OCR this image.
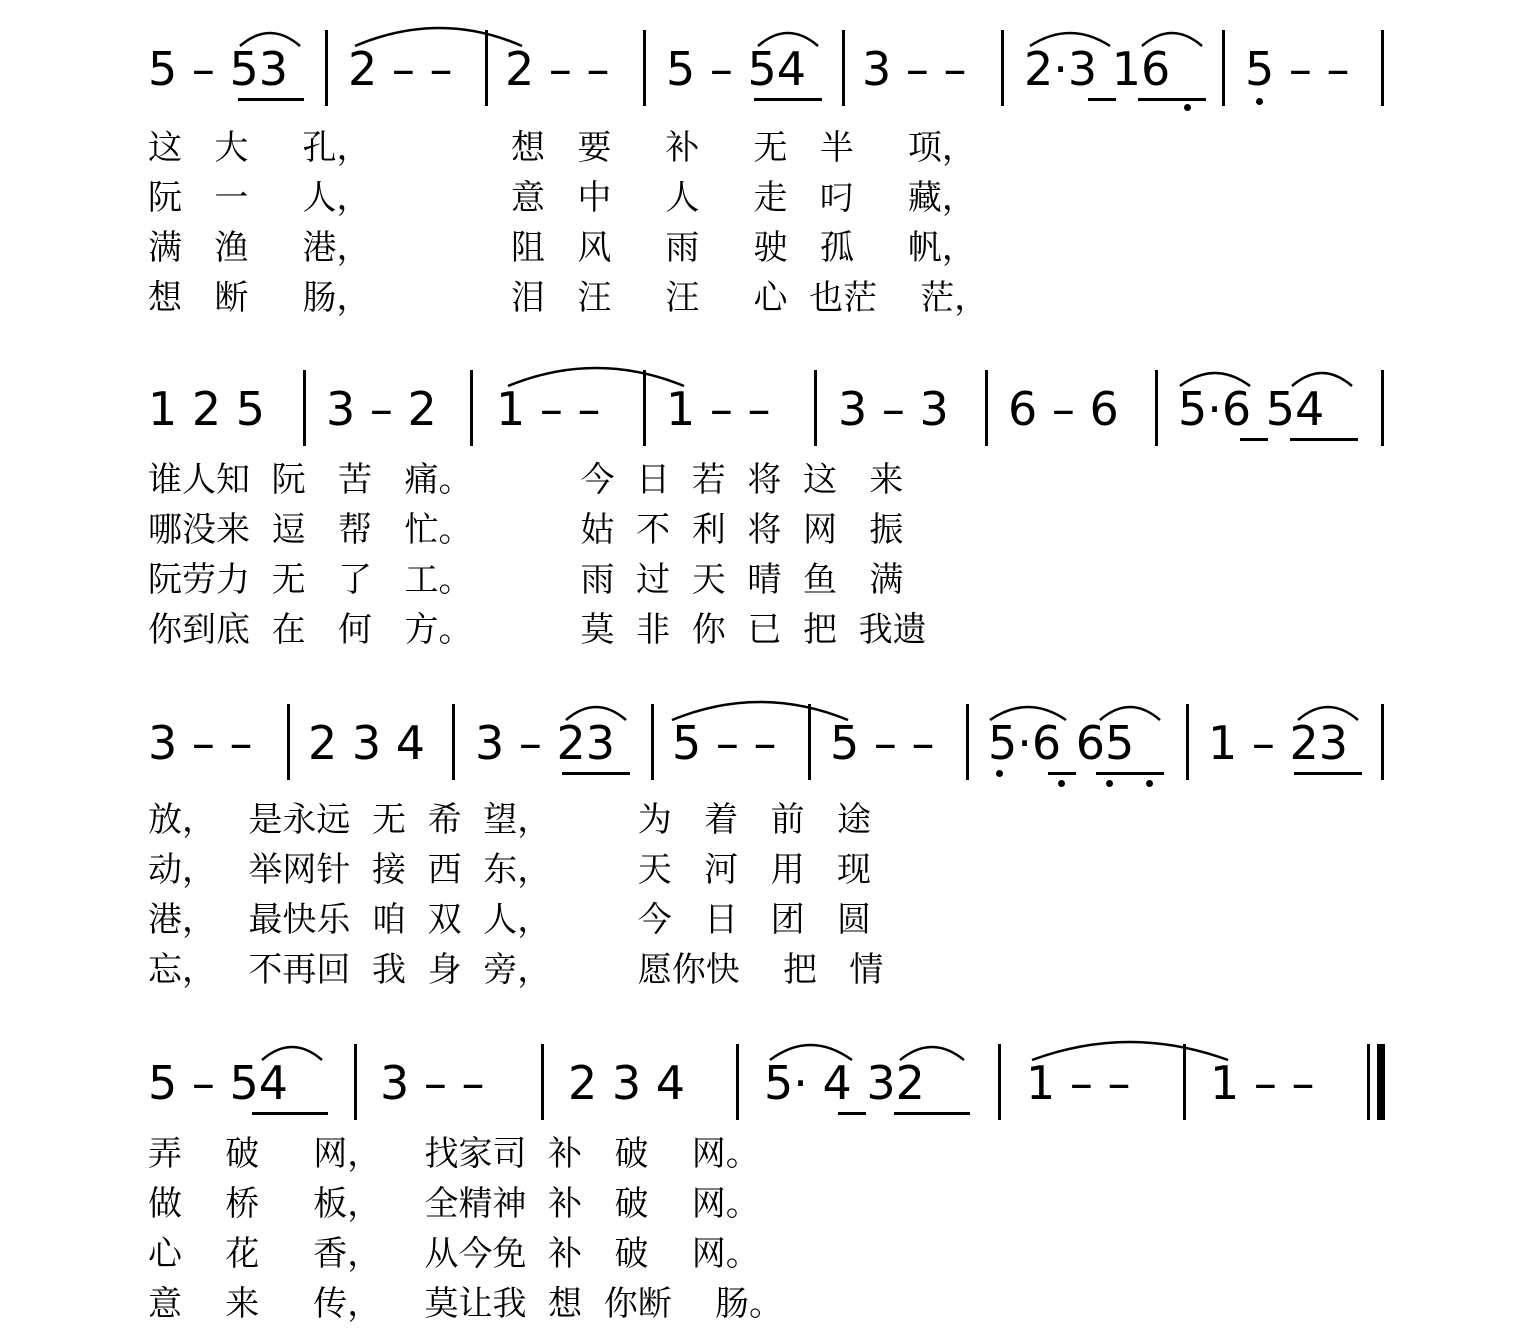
5 – 53 2 – – 2 – – 5 – 54 3 – – 2·3 16 5 – –
这   大     孔，             想   要     补     无   半     项，
阮   一     人，             意   中     人     走   叼     藏，
满   渔     港，             阻   风     雨     驶   孤     帆，
想   断     肠，             泪   汪     汪     心  也茫    茫，
1 2 5 3 – 2 1 – – 1 – – 3 – 3 6 – 6 5·6 54
谁人知  阮   苦   痛。          今  日  若  将  这   来
哪没来  逗   帮   忙。          姑  不  利  将  网   振
阮劳力  无   了   工。          雨  过  天  晴  鱼   满
你到底  在   何   方。          莫  非  你  已  把  我遗
3 – – 2 3 4 3 – 23 5 – – 5 – – 5·6 65 1 – 23
放，   是永远  无  希  望，        为   着   前   途
动，   举网针  接  西  东，        天   河   用   现
港，   最快乐  咱  双  人，        今   日   团   圆
忘，   不再回  我  身  旁，        愿你快    把   情
5 – 54 3 – – 2 3 4 5· 4 32 1 – – 1 – –
弄    破     网，    找家司  补   破    网。
做    桥     板，    全精神  补   破    网。
心    花     香，    从今免  补   破    网。
意    来     传，    莫让我  想  你断    肠。
